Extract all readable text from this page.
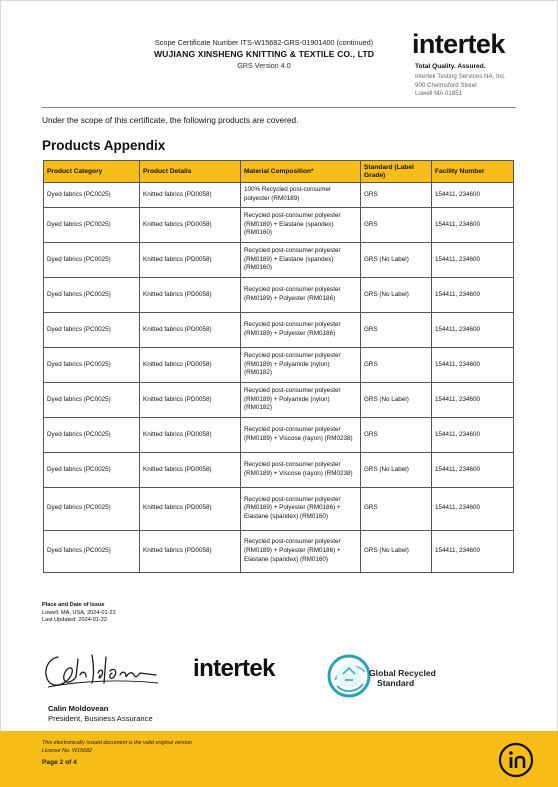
Scope Certificate Number ITS-W15682-GRS-01901400 (continued)
WUJIANG XINSHENG KNITTING & TEXTILE CO., LTD
GRS Version 4.0
intertek
Total Quality. Assured.
Intertek Testing Services NA, Inc.
900 Chelmsford Street
Lowell MA 01851
Under the scope of this certificate, the following products are covered.
Products Appendix
Product Category	Product Details	Material Composition*	Standard (Label Grade)	Facility Number
Dyed fabrics (PC0025)	Knitted fabrics (PD0058)	100% Recycled post-consumer polyester (RM0189)	GRS	154411, 234600
Dyed fabrics (PC0025)	Knitted fabrics (PD0058)	Recycled post-consumer polyester (RM0189) + Elastane (spandex) (RM0160)	GRS	154411, 234600
Dyed fabrics (PC0025)	Knitted fabrics (PD0058)	Recycled post-consumer polyester (RM0189) + Elastane (spandex) (RM0160)	GRS (No Label)	154411, 234600
Dyed fabrics (PC0025)	Knitted fabrics (PD0058)	Recycled post-consumer polyester (RM0189) + Polyester (RM0186)	GRS (No Label)	154411, 234600
Dyed fabrics (PC0025)	Knitted fabrics (PD0058)	Recycled post-consumer polyester (RM0189) + Polyester (RM0186)	GRS	154411, 234600
Dyed fabrics (PC0025)	Knitted fabrics (PD0058)	Recycled post-consumer polyester (RM0189) + Polyamide (nylon) (RM0182)	GRS	154411, 234600
Dyed fabrics (PC0025)	Knitted fabrics (PD0058)	Recycled post-consumer polyester (RM0189) + Polyamide (nylon) (RM0182)	GRS (No Label)	154411, 234600
Dyed fabrics (PC0025)	Knitted fabrics (PD0058)	Recycled post-consumer polyester (RM0189) + Viscose (rayon) (RM0238)	GRS	154411, 234600
Dyed fabrics (PC0025)	Knitted fabrics (PD0058)	Recycled post-consumer polyester (RM0189) + Viscose (rayon) (RM0238)	GRS (No Label)	154411, 234600
Dyed fabrics (PC0025)	Knitted fabrics (PD0058)	Recycled post-consumer polyester (RM0189) + Polyester (RM0186) + Elastane (spandex) (RM0160)	GRS	154411, 234600
Dyed fabrics (PC0025)	Knitted fabrics (PD0058)	Recycled post-consumer polyester (RM0189) + Polyester (RM0186) + Elastane (spandex) (RM0160)	GRS (No Label)	154411, 234600
Place and Date of Issue
Lowell, MA, USA, 2024-01-22
Last Updated: 2024-01-22
intertek	Global Recycled
Standard
Calin Moldovean
President, Business Assurance
This electronically issued document is the valid original version
License No. W15682
Page 2 of 4
